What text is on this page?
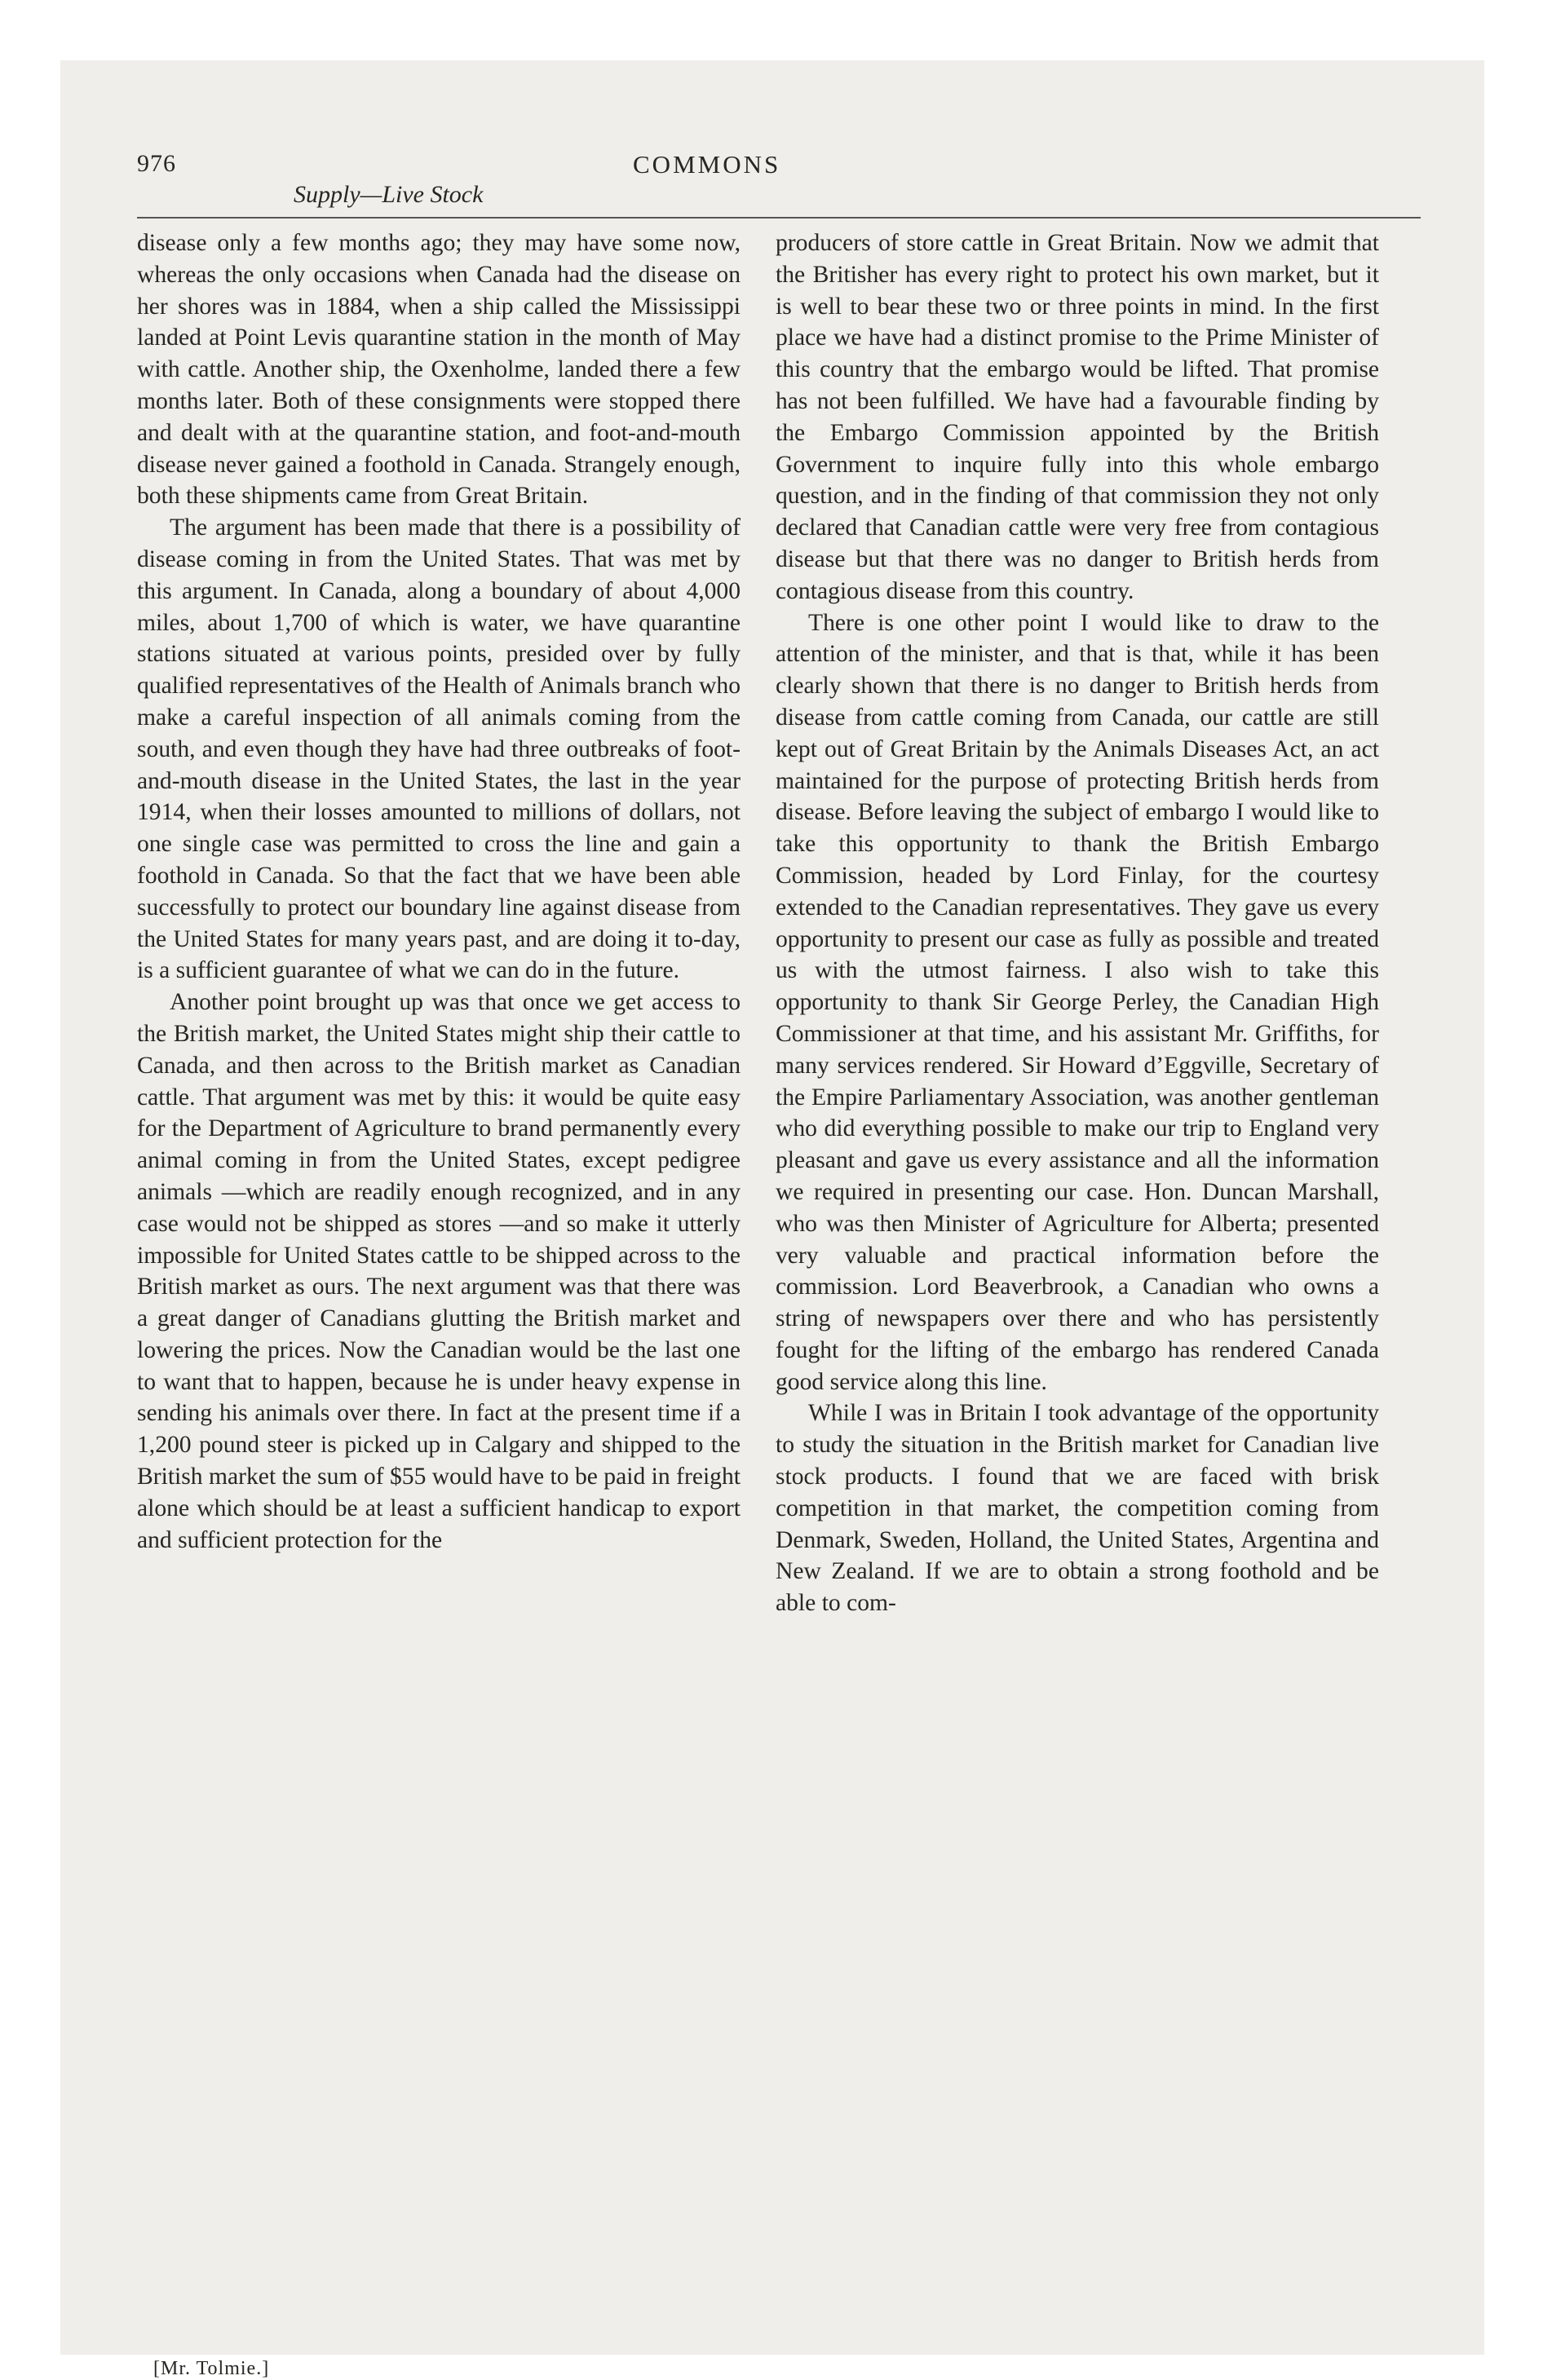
976	COMMONS
Supply—Live Stock

disease only a few months ago; they may have some now, whereas the only occasions when Canada had the disease on her shores was in 1884, when a ship called the Mississippi landed at Point Levis quarantine station in the month of May with cattle. Another ship, the Oxenholme, landed there a few months later. Both of these consignments were stopped there and dealt with at the quarantine station, and foot-and-mouth disease never gained a foothold in Canada. Strangely enough, both these shipments came from Great Britain.

The argument has been made that there is a possibility of disease coming in from the United States. That was met by this argument. In Canada, along a boundary of about 4,000 miles, about 1,700 of which is water, we have quarantine stations situated at various points, presided over by fully qualified representatives of the Health of Animals branch who make a careful inspection of all animals coming from the south, and even though they have had three outbreaks of foot-and-mouth disease in the United States, the last in the year 1914, when their losses amounted to millions of dollars, not one single case was permitted to cross the line and gain a foothold in Canada. So that the fact that we have been able successfully to protect our boundary line against disease from the United States for many years past, and are doing it to-day, is a sufficient guarantee of what we can do in the future.

Another point brought up was that once we get access to the British market, the United States might ship their cattle to Canada, and then across to the British market as Canadian cattle. That argument was met by this: it would be quite easy for the Department of Agriculture to brand permanently every animal coming in from the United States, except pedigree animals —which are readily enough recognized, and in any case would not be shipped as stores —and so make it utterly impossible for United States cattle to be shipped across to the British market as ours. The next argument was that there was a great danger of Canadians glutting the British market and lowering the prices. Now the Canadian would be the last one to want that to happen, because he is under heavy expense in sending his animals over there. In fact at the present time if a 1,200 pound steer is picked up in Calgary and shipped to the British market the sum of $55 would have to be paid in freight alone which should be at least a sufficient handicap to export and sufficient protection for the

[Mr. Tolmie.]

producers of store cattle in Great Britain. Now we admit that the Britisher has every right to protect his own market, but it is well to bear these two or three points in mind. In the first place we have had a distinct promise to the Prime Minister of this country that the embargo would be lifted. That promise has not been fulfilled. We have had a favourable finding by the Embargo Commission appointed by the British Government to inquire fully into this whole embargo question, and in the finding of that commission they not only declared that Canadian cattle were very free from contagious disease but that there was no danger to British herds from contagious disease from this country.

There is one other point I would like to draw to the attention of the minister, and that is that, while it has been clearly shown that there is no danger to British herds from disease from cattle coming from Canada, our cattle are still kept out of Great Britain by the Animals Diseases Act, an act maintained for the purpose of protecting British herds from disease. Before leaving the subject of embargo I would like to take this opportunity to thank the British Embargo Commission, headed by Lord Finlay, for the courtesy extended to the Canadian representatives. They gave us every opportunity to present our case as fully as possible and treated us with the utmost fairness. I also wish to take this opportunity to thank Sir George Perley, the Canadian High Commissioner at that time, and his assistant Mr. Griffiths, for many services rendered. Sir Howard d’Eggville, Secretary of the Empire Parliamentary Association, was another gentleman who did everything possible to make our trip to England very pleasant and gave us every assistance and all the information we required in presenting our case. Hon. Duncan Marshall, who was then Minister of Agriculture for Alberta; presented very valuable and practical information before the commission. Lord Beaverbrook, a Canadian who owns a string of newspapers over there and who has persistently fought for the lifting of the embargo has rendered Canada good service along this line.

While I was in Britain I took advantage of the opportunity to study the situation in the British market for Canadian live stock products. I found that we are faced with brisk competition in that market, the competition coming from Denmark, Sweden, Holland, the United States, Argentina and New Zealand. If we are to obtain a strong foothold and be able to com-
